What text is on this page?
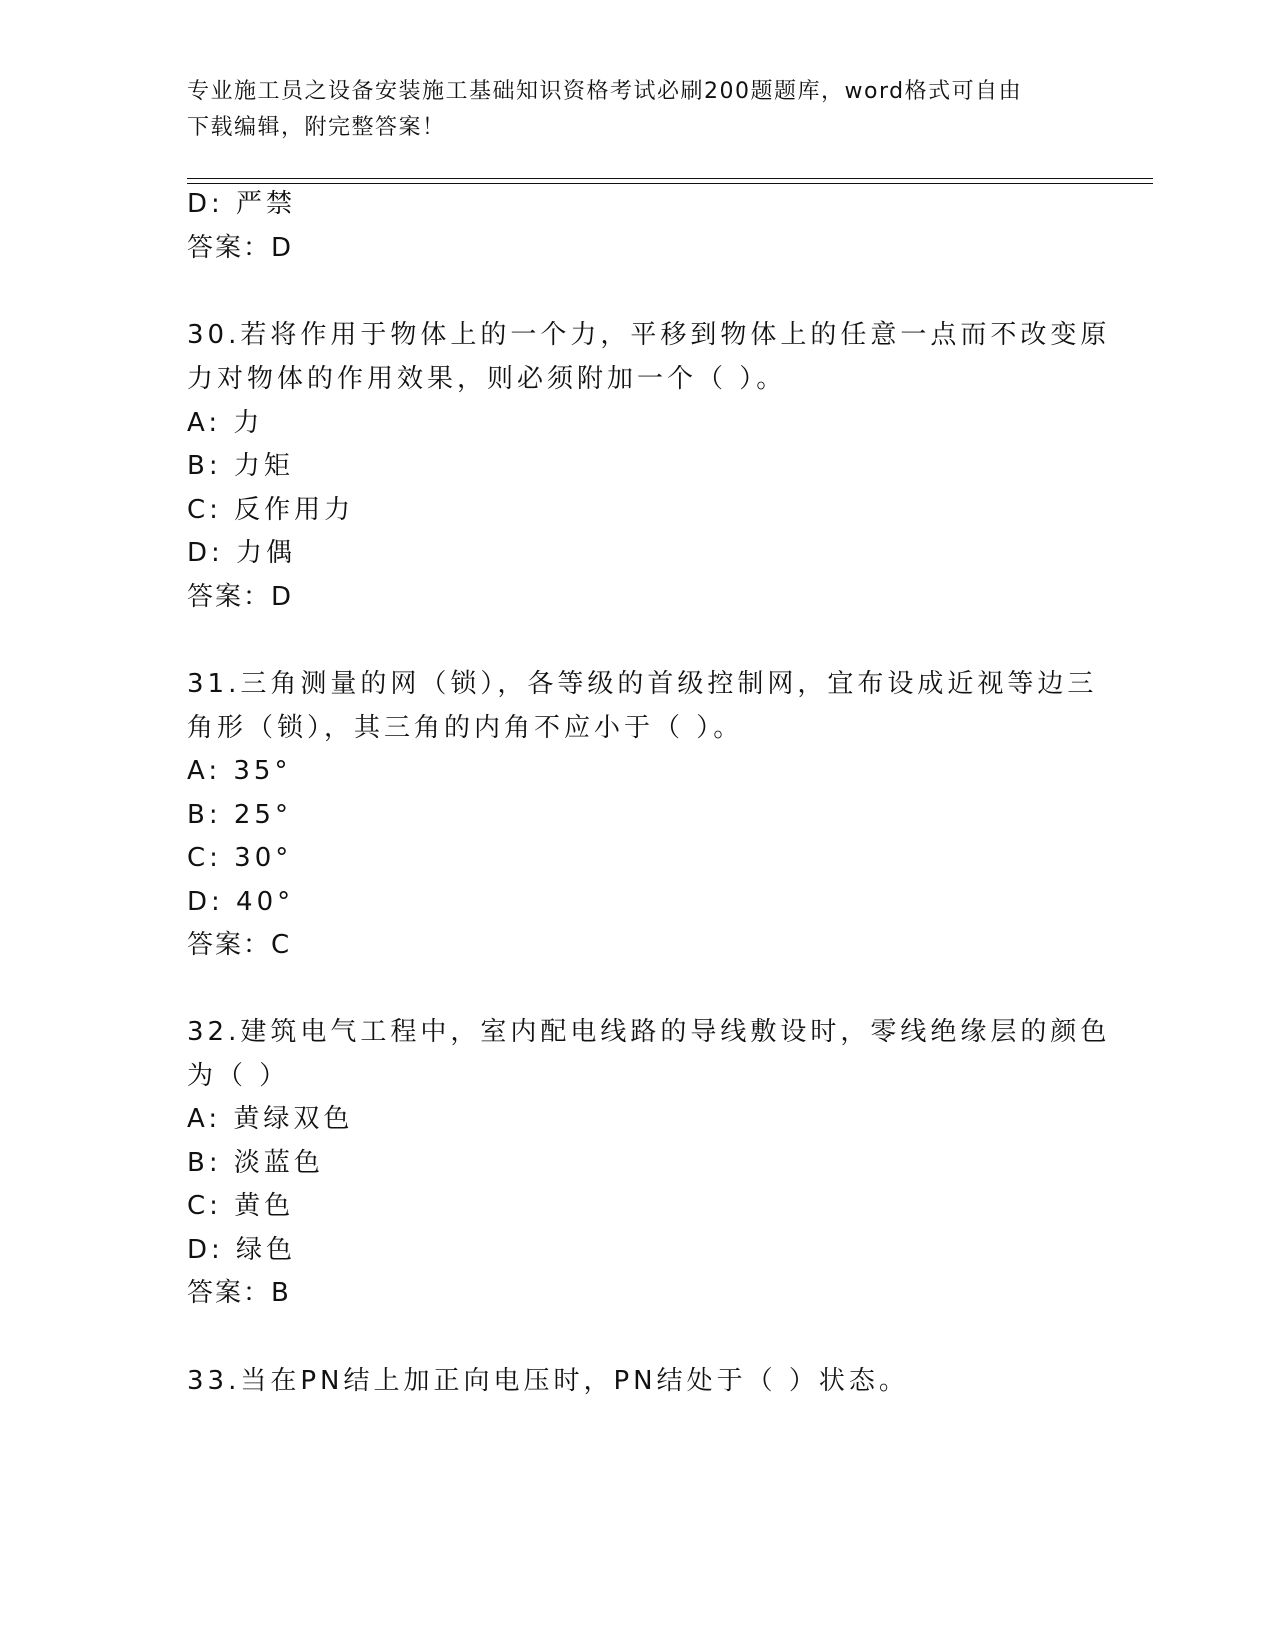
专业施工员之设备安装施工基础知识资格考试必刷200题题库，word格式可自由
下载编辑，附完整答案！
D: 严禁
答案：D
30.若将作用于物体上的一个力，平移到物体上的任意一点而不改变原
力对物体的作用效果，则必须附加一个（ ）。
A: 力
B: 力矩
C: 反作用力
D: 力偶
答案：D
31.三角测量的网（锁），各等级的首级控制网，宜布设成近视等边三
角形（锁），其三角的内角不应小于（ ）。
A: 35°
B: 25°
C: 30°
D: 40°
答案：C
32.建筑电气工程中，室内配电线路的导线敷设时，零线绝缘层的颜色
为（ ）
A: 黄绿双色
B: 淡蓝色
C: 黄色
D: 绿色
答案：B
33.当在PN结上加正向电压时，PN结处于（ ）状态。
